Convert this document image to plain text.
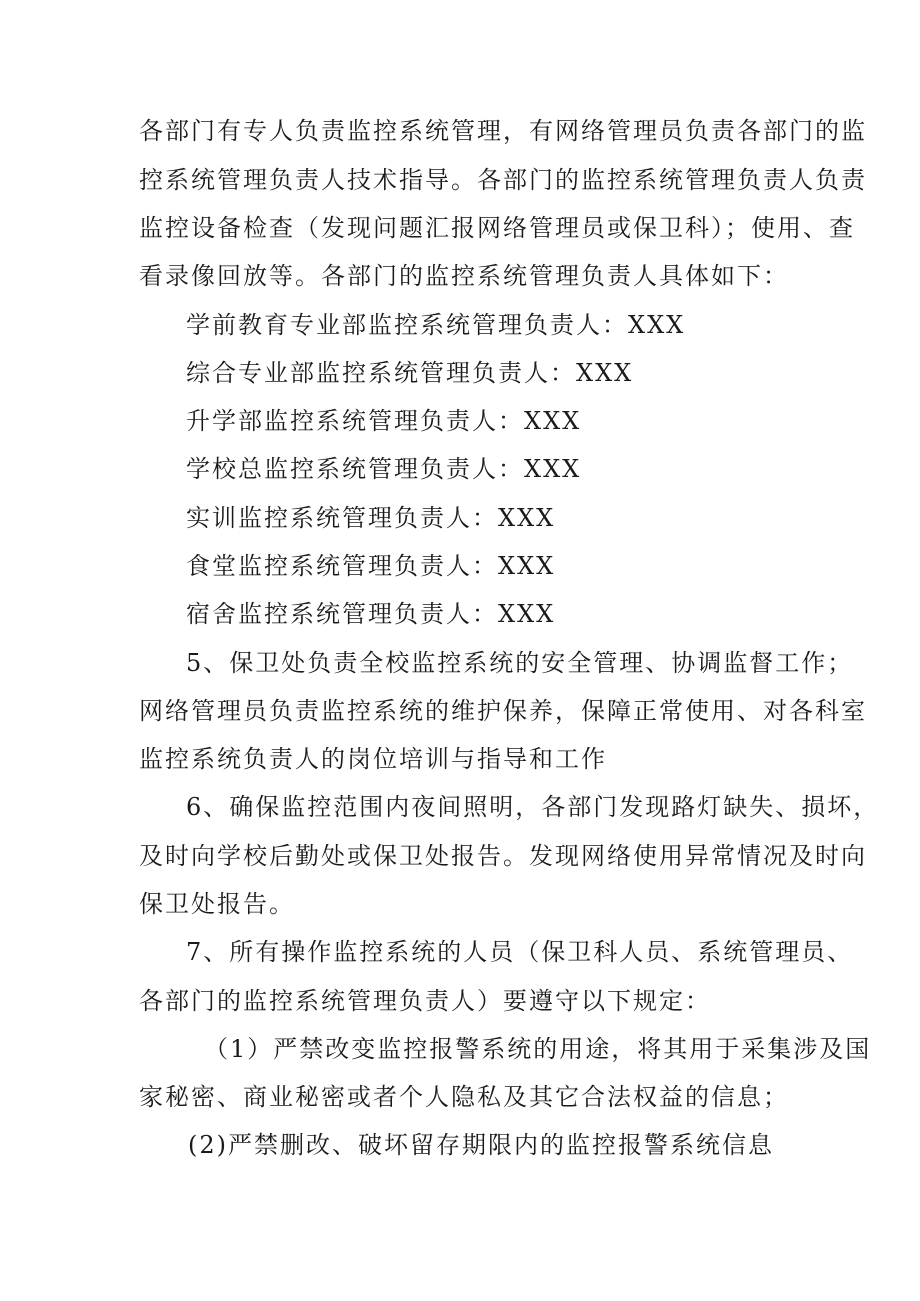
各部门有专人负责监控系统管理，有网络管理员负责各部门的监
控系统管理负责人技术指导。各部门的监控系统管理负责人负责
监控设备检查（发现问题汇报网络管理员或保卫科）；使用、查
看录像回放等。各部门的监控系统管理负责人具体如下：
学前教育专业部监控系统管理负责人：XXX
综合专业部监控系统管理负责人：XXX
升学部监控系统管理负责人：XXX
学校总监控系统管理负责人：XXX
实训监控系统管理负责人：XXX
食堂监控系统管理负责人：XXX
宿舍监控系统管理负责人：XXX
5、保卫处负责全校监控系统的安全管理、协调监督工作；
网络管理员负责监控系统的维护保养，保障正常使用、对各科室
监控系统负责人的岗位培训与指导和工作
6、确保监控范围内夜间照明，各部门发现路灯缺失、损坏，
及时向学校后勤处或保卫处报告。发现网络使用异常情况及时向
保卫处报告。
7、所有操作监控系统的人员（保卫科人员、系统管理员、
各部门的监控系统管理负责人）要遵守以下规定：
（1）严禁改变监控报警系统的用途，将其用于采集涉及国
家秘密、商业秘密或者个人隐私及其它合法权益的信息；
(2)严禁删改、破坏留存期限内的监控报警系统信息
